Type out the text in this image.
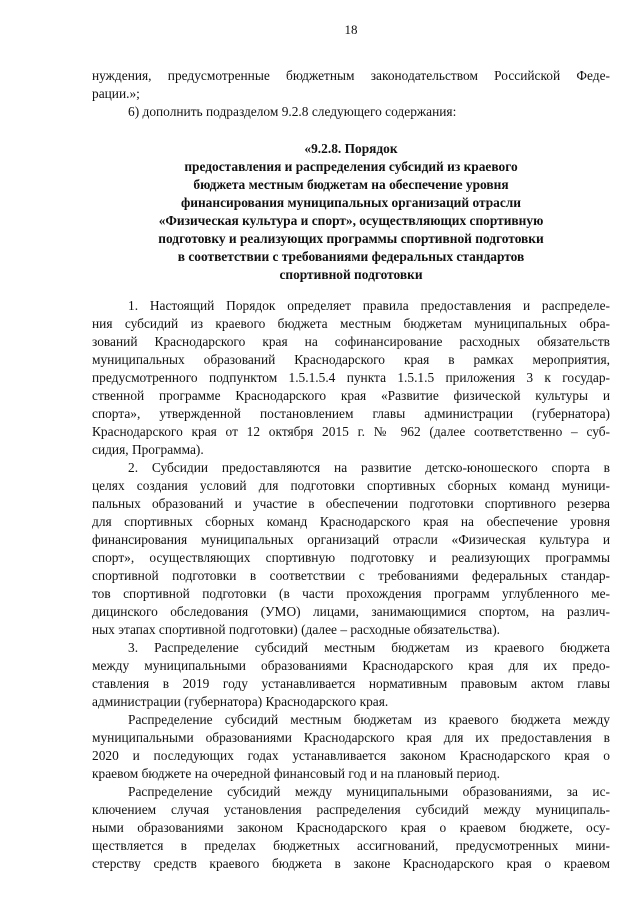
18
нуждения, предусмотренные бюджетным законодательством Российской Феде-
рации.»;
6) дополнить подразделом 9.2.8 следующего содержания:
«9.2.8. Порядок
предоставления и распределения субсидий из краевого
бюджета местным бюджетам на обеспечение уровня
финансирования муниципальных организаций отрасли
«Физическая культура и спорт», осуществляющих спортивную
подготовку и реализующих программы спортивной подготовки
в соответствии с требованиями федеральных стандартов
спортивной подготовки
1. Настоящий Порядок определяет правила предоставления и распределе-
ния субсидий из краевого бюджета местным бюджетам муниципальных обра-
зований Краснодарского края на софинансирование расходных обязательств
муниципальных образований Краснодарского края в рамках мероприятия,
предусмотренного подпунктом 1.5.1.5.4 пункта 1.5.1.5 приложения 3 к государ-
ственной программе Краснодарского края «Развитие физической культуры и
спорта», утвержденной постановлением главы администрации (губернатора)
Краснодарского края от 12 октября 2015 г. № 962 (далее соответственно – суб-
сидия, Программа).
2. Субсидии предоставляются на развитие детско-юношеского спорта в
целях создания условий для подготовки спортивных сборных команд муници-
пальных образований и участие в обеспечении подготовки спортивного резерва
для спортивных сборных команд Краснодарского края на обеспечение уровня
финансирования муниципальных организаций отрасли «Физическая культура и
спорт», осуществляющих спортивную подготовку и реализующих программы
спортивной подготовки в соответствии с требованиями федеральных стандар-
тов спортивной подготовки (в части прохождения программ углубленного ме-
дицинского обследования (УМО) лицами, занимающимися спортом, на различ-
ных этапах спортивной подготовки) (далее – расходные обязательства).
3. Распределение субсидий местным бюджетам из краевого бюджета
между муниципальными образованиями Краснодарского края для их предо-
ставления в 2019 году устанавливается нормативным правовым актом главы
администрации (губернатора) Краснодарского края.
Распределение субсидий местным бюджетам из краевого бюджета между
муниципальными образованиями Краснодарского края для их предоставления в
2020 и последующих годах устанавливается законом Краснодарского края о
краевом бюджете на очередной финансовый год и на плановый период.
Распределение субсидий между муниципальными образованиями, за ис-
ключением случая установления распределения субсидий между муниципаль-
ными образованиями законом Краснодарского края о краевом бюджете, осу-
ществляется в пределах бюджетных ассигнований, предусмотренных мини-
стерству средств краевого бюджета в законе Краснодарского края о краевом
